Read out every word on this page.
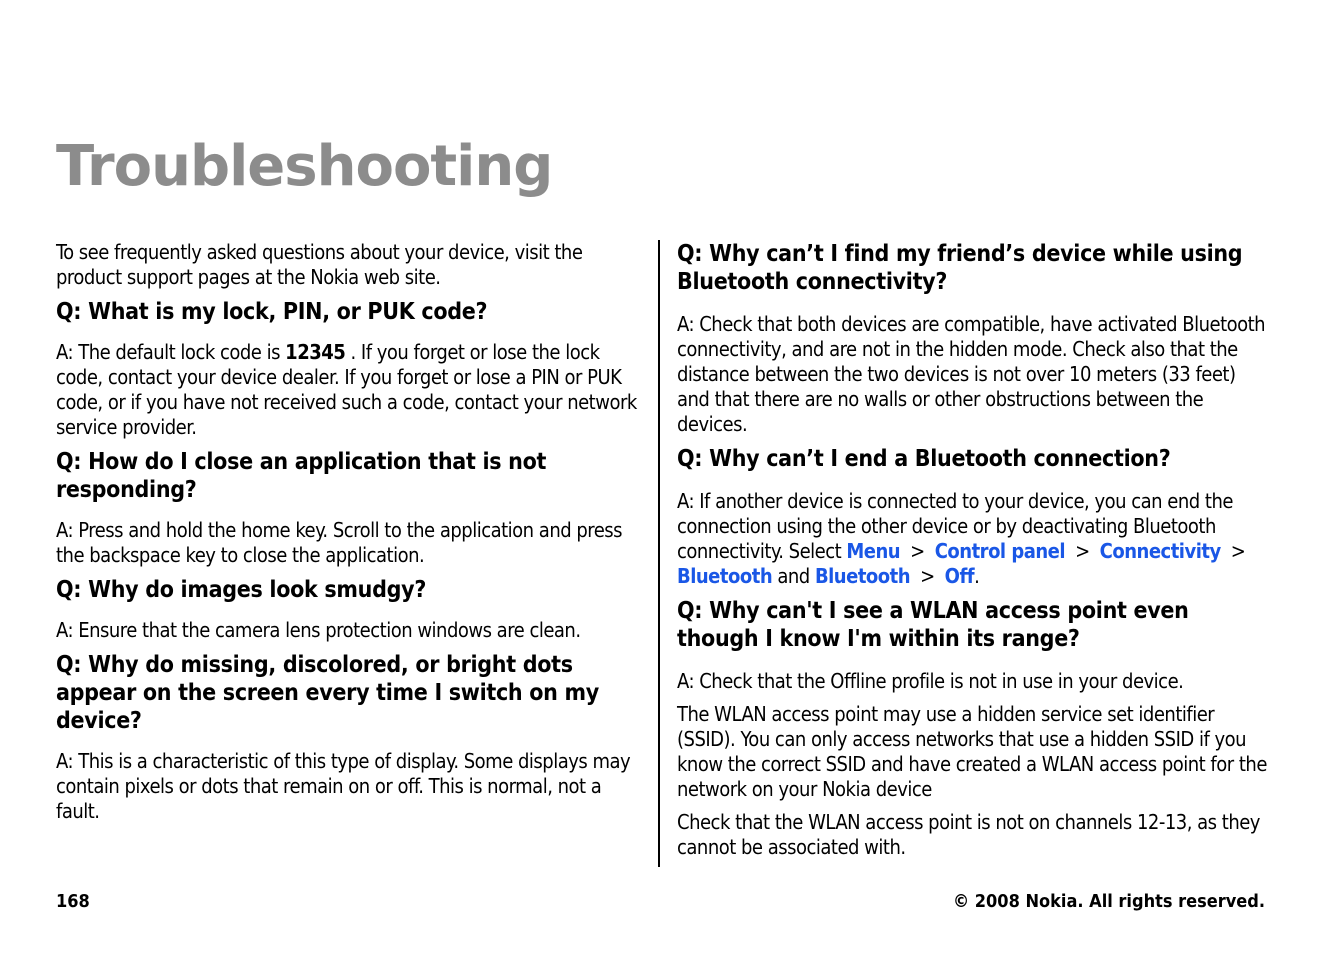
Troubleshooting

To see frequently asked questions about your device, visit the product support pages at the Nokia web site.

Q: What is my lock, PIN, or PUK code?

A: The default lock code is 12345 . If you forget or lose the lock code, contact your device dealer. If you forget or lose a PIN or PUK code, or if you have not received such a code, contact your network service provider.

Q: How do I close an application that is not responding?

A: Press and hold the home key. Scroll to the application and press the backspace key to close the application.

Q: Why do images look smudgy?

A: Ensure that the camera lens protection windows are clean.

Q: Why do missing, discolored, or bright dots appear on the screen every time I switch on my device?

A: This is a characteristic of this type of display. Some displays may contain pixels or dots that remain on or off. This is normal, not a fault.

Q: Why can’t I find my friend’s device while using Bluetooth connectivity?

A: Check that both devices are compatible, have activated Bluetooth connectivity, and are not in the hidden mode. Check also that the distance between the two devices is not over 10 meters (33 feet) and that there are no walls or other obstructions between the devices.

Q: Why can’t I end a Bluetooth connection?

A: If another device is connected to your device, you can end the connection using the other device or by deactivating Bluetooth connectivity. Select Menu > Control panel > Connectivity >Bluetooth and Bluetooth > Off.

Q: Why can't I see a WLAN access point even though I know I'm within its range?

A: Check that the Offline profile is not in use in your device.

The WLAN access point may use a hidden service set identifier (SSID). You can only access networks that use a hidden SSID if you know the correct SSID and have created a WLAN access point for the network on your Nokia device

Check that the WLAN access point is not on channels 12-13, as they cannot be associated with.

168	© 2008 Nokia. All rights reserved.
